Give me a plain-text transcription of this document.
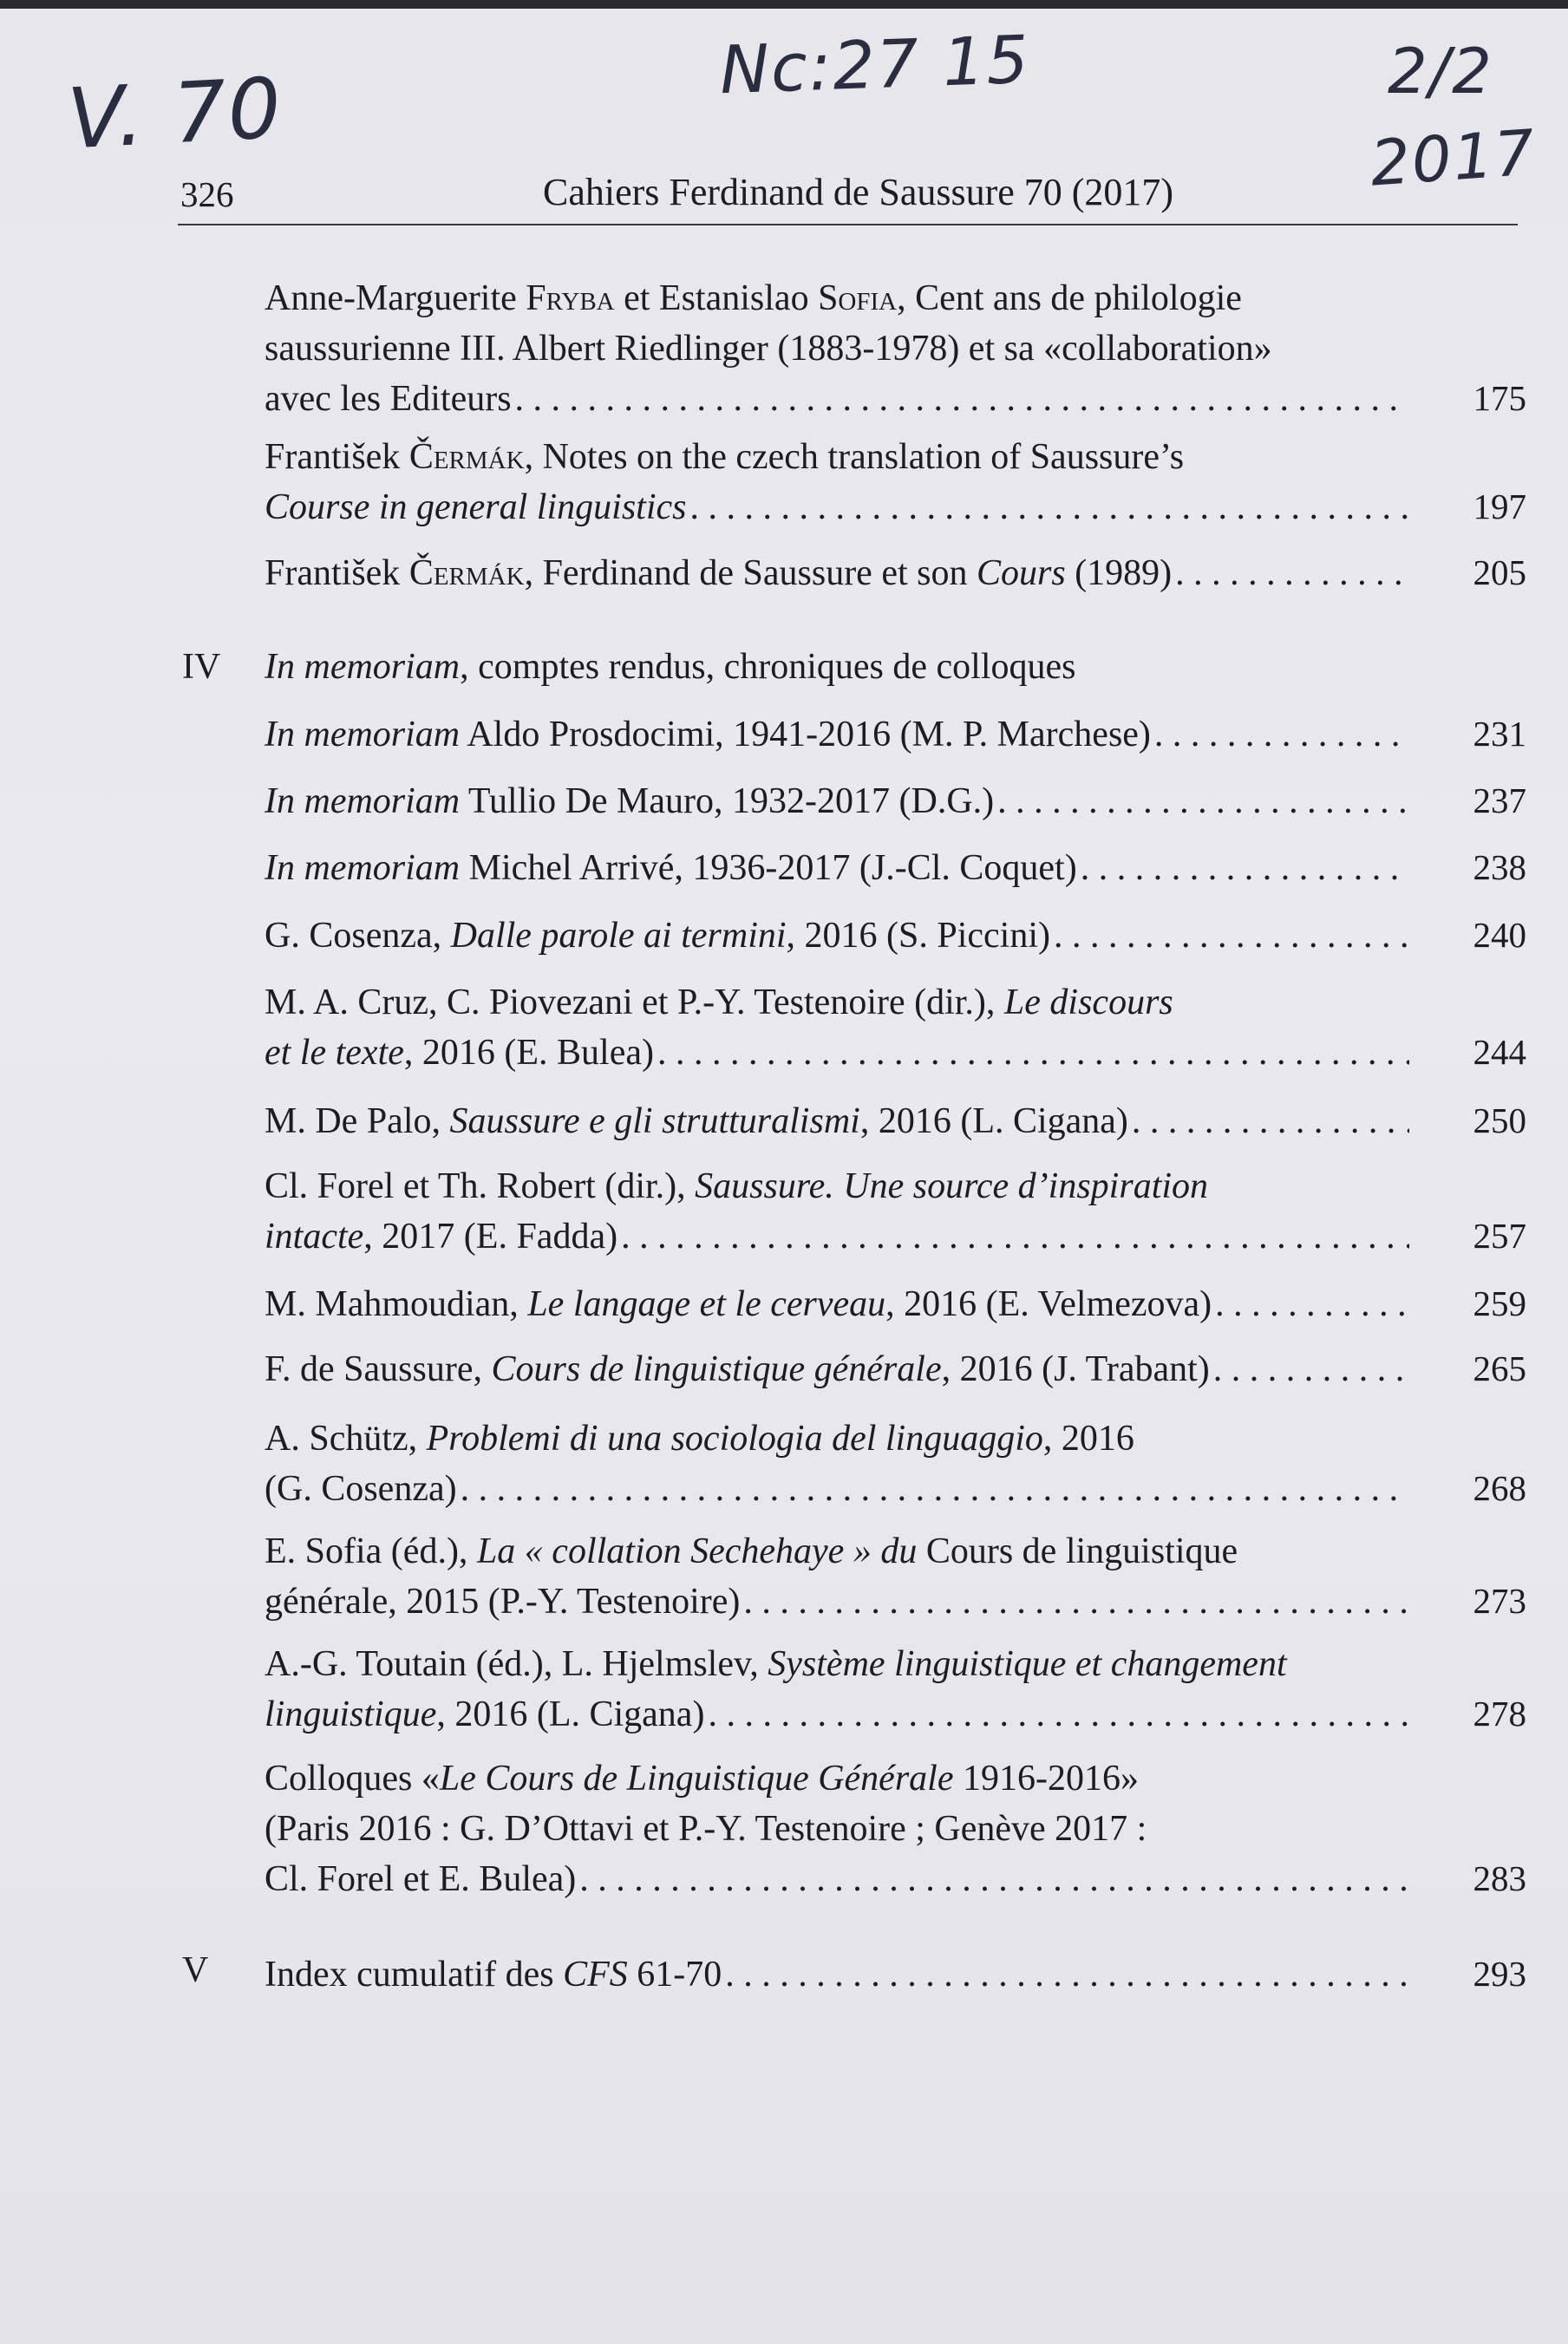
V. 70	Nc:27 15	2/2
2017
326	Cahiers Ferdinand de Saussure 70 (2017)
Anne-Marguerite Fryba et Estanislao Sofia, Cent ans de philologie
saussurienne III. Albert Riedlinger (1883-1978) et sa «collaboration»
avec les Editeurs . . .	175
František Čermák, Notes on the czech translation of Saussure’s
Course in general linguistics . . .	197
František Čermák, Ferdinand de Saussure et son Cours (1989) . . .	205
IV In memoriam, comptes rendus, chroniques de colloques
In memoriam Aldo Prosdocimi, 1941-2016 (M. P. Marchese) . . .	231
In memoriam Tullio De Mauro, 1932-2017 (D.G.) . . .	237
In memoriam Michel Arrivé, 1936-2017 (J.-Cl. Coquet) . . .	238
G. Cosenza, Dalle parole ai termini, 2016 (S. Piccini) . . .	240
M. A. Cruz, C. Piovezani et P.-Y. Testenoire (dir.), Le discours
et le texte, 2016 (E. Bulea) . . .	244
M. De Palo, Saussure e gli strutturalismi, 2016 (L. Cigana) . . .	250
Cl. Forel et Th. Robert (dir.), Saussure. Une source d’inspiration
intacte, 2017 (E. Fadda) . . .	257
M. Mahmoudian, Le langage et le cerveau, 2016 (E. Velmezova) . . .	259
F. de Saussure, Cours de linguistique générale, 2016 (J. Trabant) . . .	265
A. Schütz, Problemi di una sociologia del linguaggio, 2016
(G. Cosenza) . . .	268
E. Sofia (éd.), La « collation Sechehaye » du Cours de linguistique
générale, 2015 (P.-Y. Testenoire) . . .	273
A.-G. Toutain (éd.), L. Hjelmslev, Système linguistique et changement
linguistique, 2016 (L. Cigana) . . .	278
Colloques «Le Cours de Linguistique Générale 1916-2016»
(Paris 2016 : G. D’Ottavi et P.-Y. Testenoire ; Genève 2017 :
Cl. Forel et E. Bulea) . . .	283
V Index cumulatif des CFS 61-70 . . .	293
